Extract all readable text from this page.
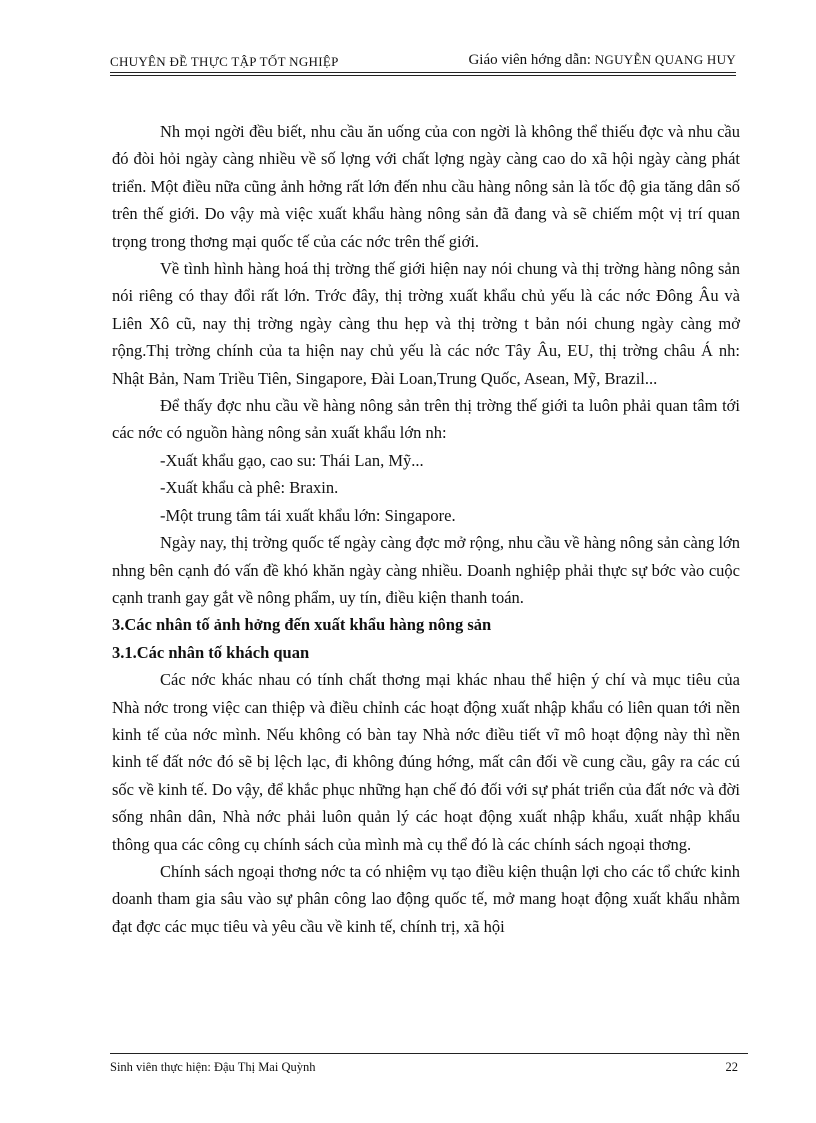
CHUYÊN ĐỀ THỰC TẬP TỐT NGHIỆP	Giáo viên hớng dẫn: NGUYỄN QUANG HUY

Nh mọi ngời đều biết, nhu cầu ăn uống của con ngời là không thể thiếu đợc và nhu cầu đó đòi hỏi ngày càng nhiều về số lợng với chất lợng ngày càng cao do xã hội ngày càng phát triển. Một điều nữa cũng ảnh hởng rất lớn đến nhu cầu hàng nông sản là tốc độ gia tăng dân số trên thế giới. Do vậy mà việc xuất khẩu hàng nông sản đã đang và sẽ chiếm một vị trí quan trọng trong thơng mại quốc tế của các nớc trên thế giới.

Về tình hình hàng hoá thị trờng thế giới hiện nay nói chung và thị trờng hàng nông sản nói riêng có thay đổi rất lớn. Trớc đây, thị trờng xuất khẩu chủ yếu là các nớc Đông Âu và Liên Xô cũ, nay thị trờng ngày càng thu hẹp và thị trờng t bản nói chung ngày càng mở rộng.Thị trờng chính của ta hiện nay chủ yếu là các nớc Tây Âu, EU, thị trờng châu Á nh: Nhật Bản, Nam Triều Tiên, Singapore, Đài Loan,Trung Quốc, Asean, Mỹ, Brazil...

Để thấy đợc nhu cầu về hàng nông sản trên thị trờng thế giới ta luôn phải quan tâm tới các nớc có nguồn hàng nông sản xuất khẩu lớn nh:

-Xuất khẩu gạo, cao su: Thái Lan, Mỹ...

-Xuất khẩu cà phê: Braxin.

-Một trung tâm tái xuất khẩu lớn: Singapore.

Ngày nay, thị trờng quốc tế ngày càng đợc mở rộng, nhu cầu về hàng nông sản càng lớn nhng bên cạnh đó vấn đề khó khăn ngày càng nhiều. Doanh nghiệp phải thực sự bớc vào cuộc cạnh tranh gay gắt về nông phẩm, uy tín, điều kiện thanh toán.

3.Các nhân tố ảnh hởng đến xuất khẩu hàng nông sản
3.1.Các nhân tố khách quan

Các nớc khác nhau có tính chất thơng mại khác nhau thể hiện ý chí và mục tiêu của Nhà nớc trong việc can thiệp và điều chỉnh các hoạt động xuất nhập khẩu có liên quan tới nền kinh tế của nớc mình. Nếu không có bàn tay Nhà nớc điều tiết vĩ mô hoạt động này thì nền kinh tế đất nớc đó sẽ bị lệch lạc, đi không đúng hớng, mất cân đối về cung cầu, gây ra các cú sốc về kinh tế. Do vậy, để khắc phục những hạn chế đó đối với sự phát triển của đất nớc và đời sống nhân dân, Nhà nớc phải luôn quản lý các hoạt động xuất nhập khẩu, xuất nhập khẩu thông qua các công cụ chính sách của mình mà cụ thể đó là các chính sách ngoại thơng.

Chính sách ngoại thơng nớc ta có nhiệm vụ tạo điều kiện thuận lợi cho các tổ chức kinh doanh tham gia sâu vào sự phân công lao động quốc tế, mở mang hoạt động xuất khẩu nhằm đạt đợc các mục tiêu và yêu cầu về kinh tế, chính trị, xã hội

Sinh viên thực hiện: Đậu Thị Mai Quỳnh	22
